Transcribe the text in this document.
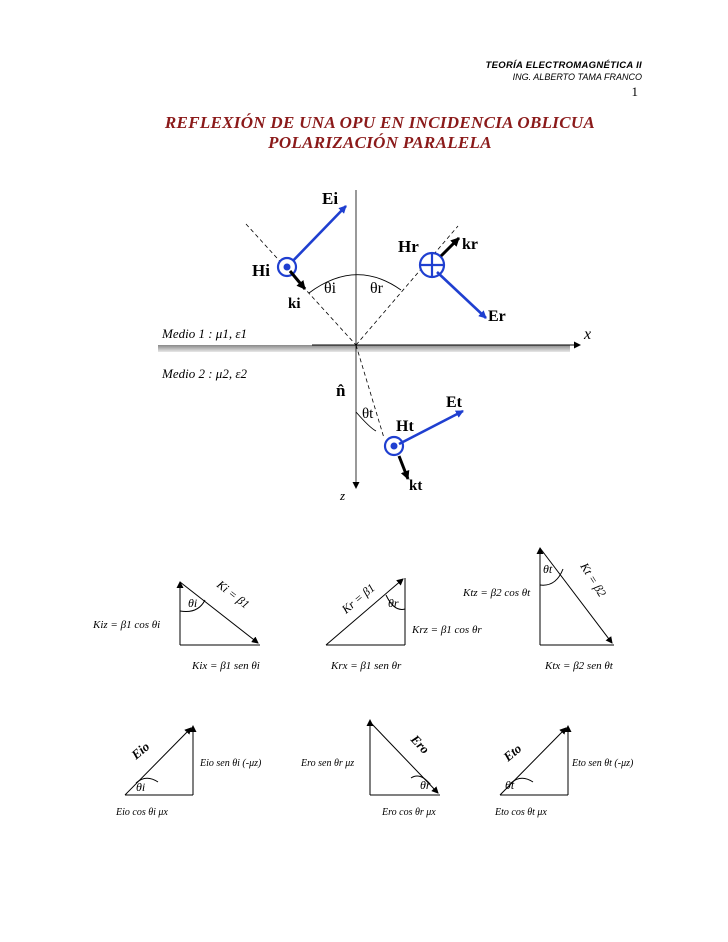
TEORÍA ELECTROMAGNÉTICA II
ING. ALBERTO TAMA FRANCO
1
REFLEXIÓN DE UNA OPU EN INCIDENCIA OBLICUA
POLARIZACIÓN PARALELA
Ei
Hi
ki
θi θr
Hr	kr
Er
x
z
Medio 1 : μ1, ε1
Medio 2 : μ2, ε2
n̂
Et
θt
Ht
kt
Ki = β1
θi
Kiz = β1 cos θi
Kix = β1 sen θi
Kr = β1 θr
Krz = β1 cos θr
Krx = β1 sen θr
Kt = β2
θt
Ktz = β2 cos θt
Ktx = β2 sen θt
Eio
θi
Eio sen θi (-μz)
Eio cos θi μx
Ero
θr
Ero sen θr μz
Ero cos θr μx
Eto
θt
Eto sen θt (-μz)
Eto cos θt μx
